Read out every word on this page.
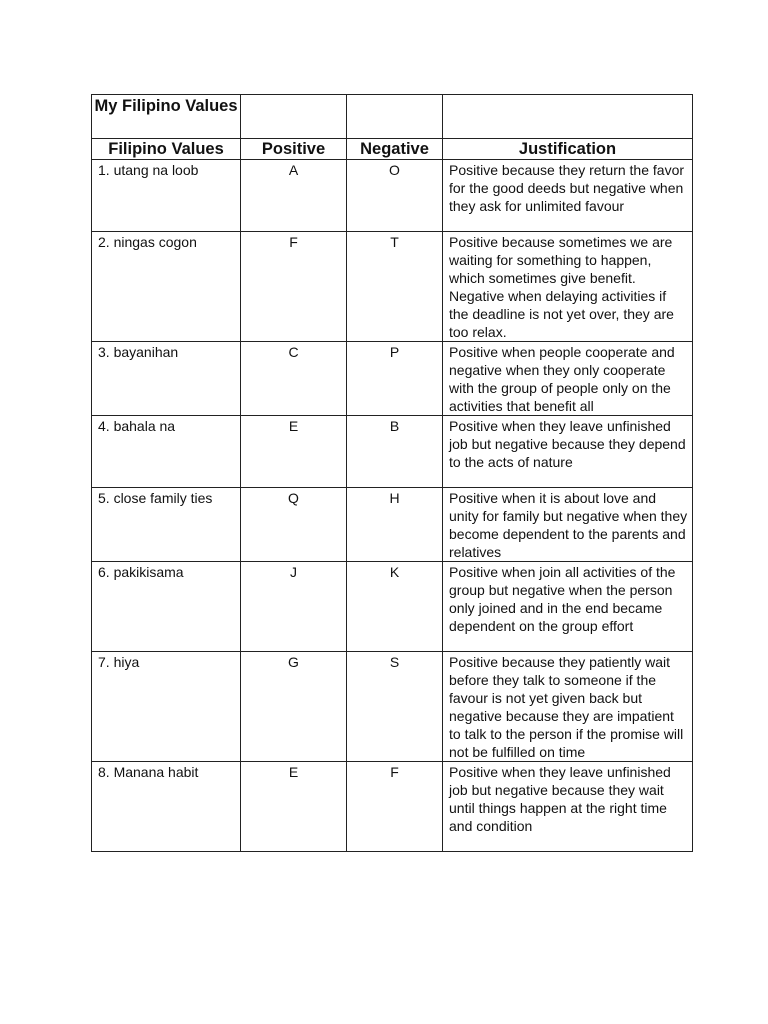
My Filipino Values			
Filipino Values	Positive	Negative	Justification
1. utang na loob	A	O	Positive because they return the favor for the good deeds but negative when they ask for unlimited favour
2. ningas cogon	F	T	Positive because sometimes we are waiting for something to happen, which sometimes give benefit. Negative when delaying activities if the deadline is not yet over, they are too relax.
3. bayanihan	C	P	Positive when people cooperate and negative when they only cooperate with the group of people only on the activities that benefit all
4. bahala na	E	B	Positive when they leave unfinished job but negative because they depend to the acts of nature
5. close family ties	Q	H	Positive when it is about love and unity for family but negative when they become dependent to the parents and relatives
6. pakikisama	J	K	Positive when join all activities of the group but negative when the person only joined and in the end became dependent on the group effort
7. hiya	G	S	Positive because they patiently wait before they talk to someone if the favour is not yet given back but negative because they are impatient to talk to the person if the promise will not be fulfilled on time
8. Manana habit	E	F	Positive when they leave unfinished job but negative because they wait until things happen at the right time and condition
